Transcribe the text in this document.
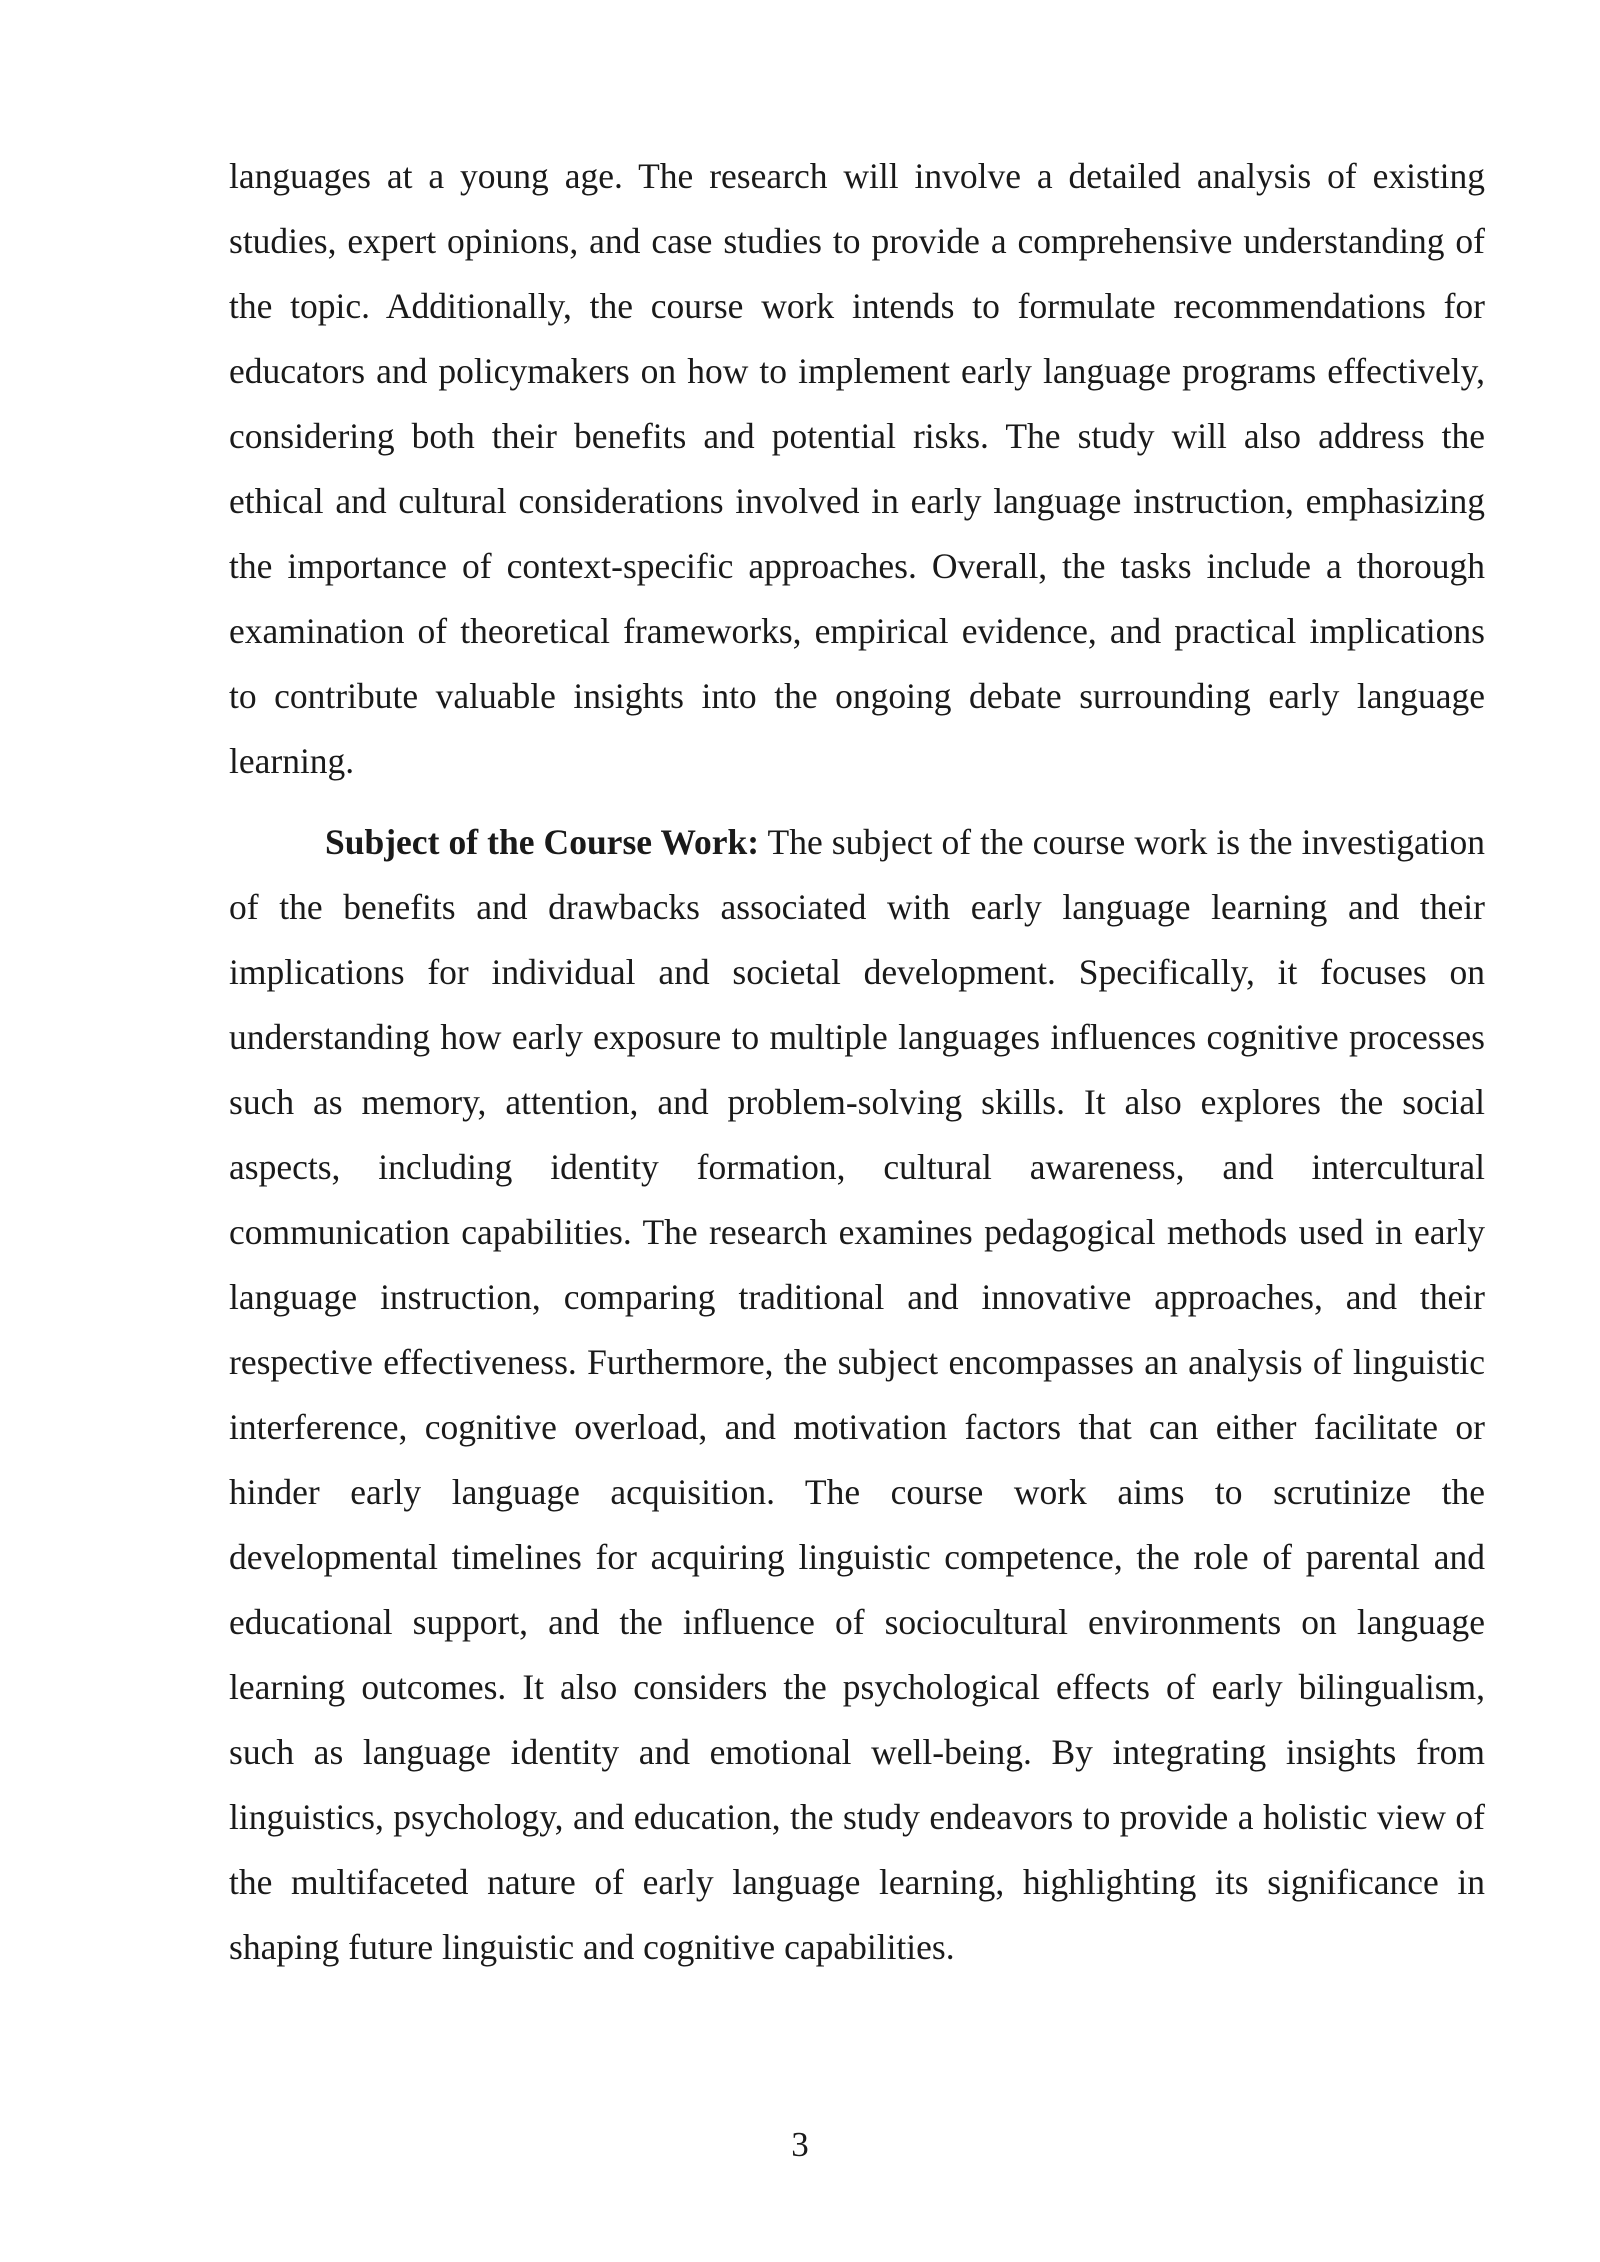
languages at a young age. The research will involve a detailed analysis of existing studies, expert opinions, and case studies to provide a comprehensive understanding of the topic. Additionally, the course work intends to formulate recommendations for educators and policymakers on how to implement early language programs effectively, considering both their benefits and potential risks. The study will also address the ethical and cultural considerations involved in early language instruction, emphasizing the importance of context-specific approaches. Overall, the tasks include a thorough examination of theoretical frameworks, empirical evidence, and practical implications to contribute valuable insights into the ongoing debate surrounding early language learning.

Subject of the Course Work: The subject of the course work is the investigation of the benefits and drawbacks associated with early language learning and their implications for individual and societal development. Specifically, it focuses on understanding how early exposure to multiple languages influences cognitive processes such as memory, attention, and problem-solving skills. It also explores the social aspects, including identity formation, cultural awareness, and intercultural communication capabilities. The research examines pedagogical methods used in early language instruction, comparing traditional and innovative approaches, and their respective effectiveness. Furthermore, the subject encompasses an analysis of linguistic interference, cognitive overload, and motivation factors that can either facilitate or hinder early language acquisition. The course work aims to scrutinize the developmental timelines for acquiring linguistic competence, the role of parental and educational support, and the influence of sociocultural environments on language learning outcomes. It also considers the psychological effects of early bilingualism, such as language identity and emotional well-being. By integrating insights from linguistics, psychology, and education, the study endeavors to provide a holistic view of the multifaceted nature of early language learning, highlighting its significance in shaping future linguistic and cognitive capabilities.

3
